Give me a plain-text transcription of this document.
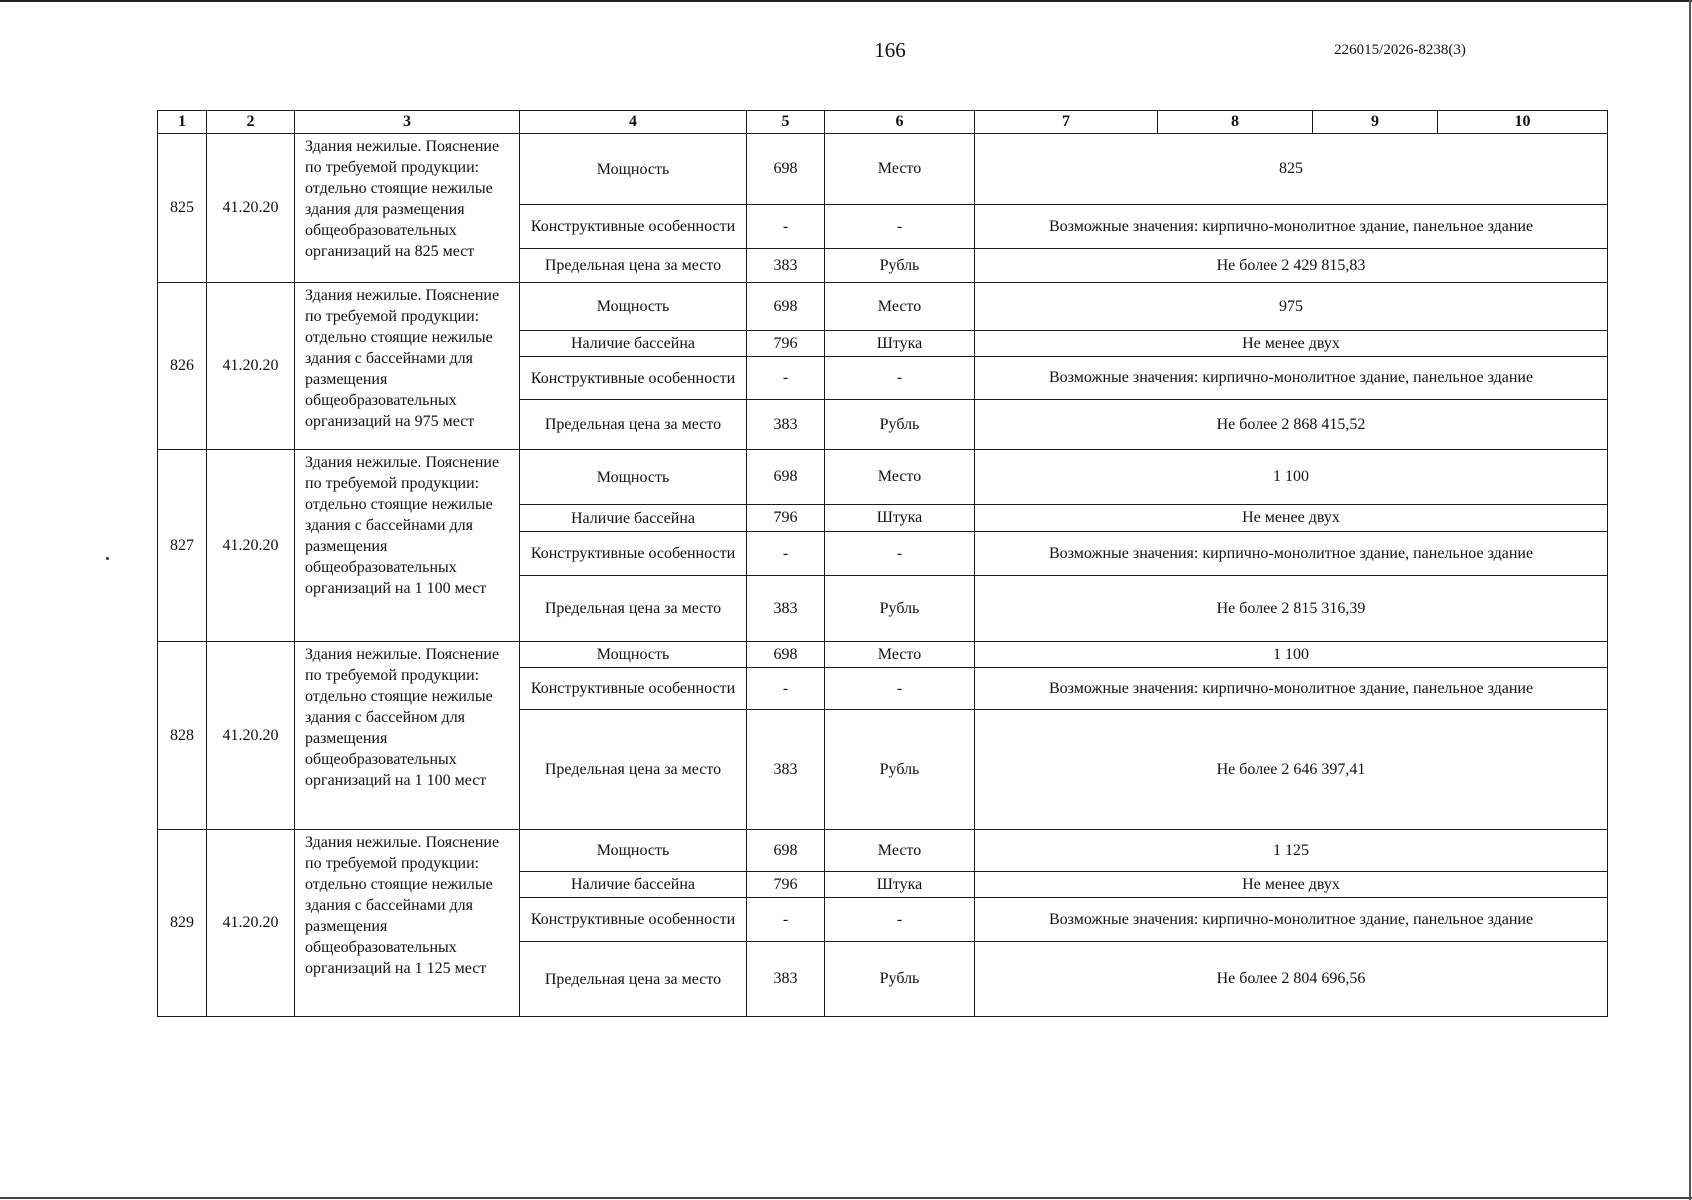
166	226015/2026-8238(3)
1	2	3	4	5	6	7	8	9	10
825	41.20.20	Здания нежилые. Пояснение по требуемой продукции: отдельно стоящие нежилые здания для размещения общеобразовательных организаций на 825 мест	Мощность	698	Место	825			
			Конструктивные особенности	-	-	Возможные значения: кирпично-монолитное здание, панельное здание			
			Предельная цена за место	383	Рубль	Не более 2 429 815,83			
826	41.20.20	Здания нежилые. Пояснение по требуемой продукции: отдельно стоящие нежилые здания с бассейнами для размещения общеобразовательных организаций на 975 мест	Мощность	698	Место	975			
			Наличие бассейна	796	Штука	Не менее двух			
			Конструктивные особенности	-	-	Возможные значения: кирпично-монолитное здание, панельное здание			
			Предельная цена за место	383	Рубль	Не более 2 868 415,52			
827	41.20.20	Здания нежилые. Пояснение по требуемой продукции: отдельно стоящие нежилые здания с бассейнами для размещения общеобразовательных организаций на 1 100 мест	Мощность	698	Место	1 100			
			Наличие бассейна	796	Штука	Не менее двух			
			Конструктивные особенности	-	-	Возможные значения: кирпично-монолитное здание, панельное здание			
			Предельная цена за место	383	Рубль	Не более 2 815 316,39			
828	41.20.20	Здания нежилые. Пояснение по требуемой продукции: отдельно стоящие нежилые здания с бассейном для размещения общеобразовательных организаций на 1 100 мест	Мощность	698	Место	1 100			
			Конструктивные особенности	-	-	Возможные значения: кирпично-монолитное здание, панельное здание			
			Предельная цена за место	383	Рубль	Не более 2 646 397,41			
829	41.20.20	Здания нежилые. Пояснение по требуемой продукции: отдельно стоящие нежилые здания с бассейнами для размещения общеобразовательных организаций на 1 125 мест	Мощность	698	Место	1 125			
			Наличие бассейна	796	Штука	Не менее двух			
			Конструктивные особенности	-	-	Возможные значения: кирпично-монолитное здание, панельное здание			
			Предельная цена за место	383	Рубль	Не более 2 804 696,56			
